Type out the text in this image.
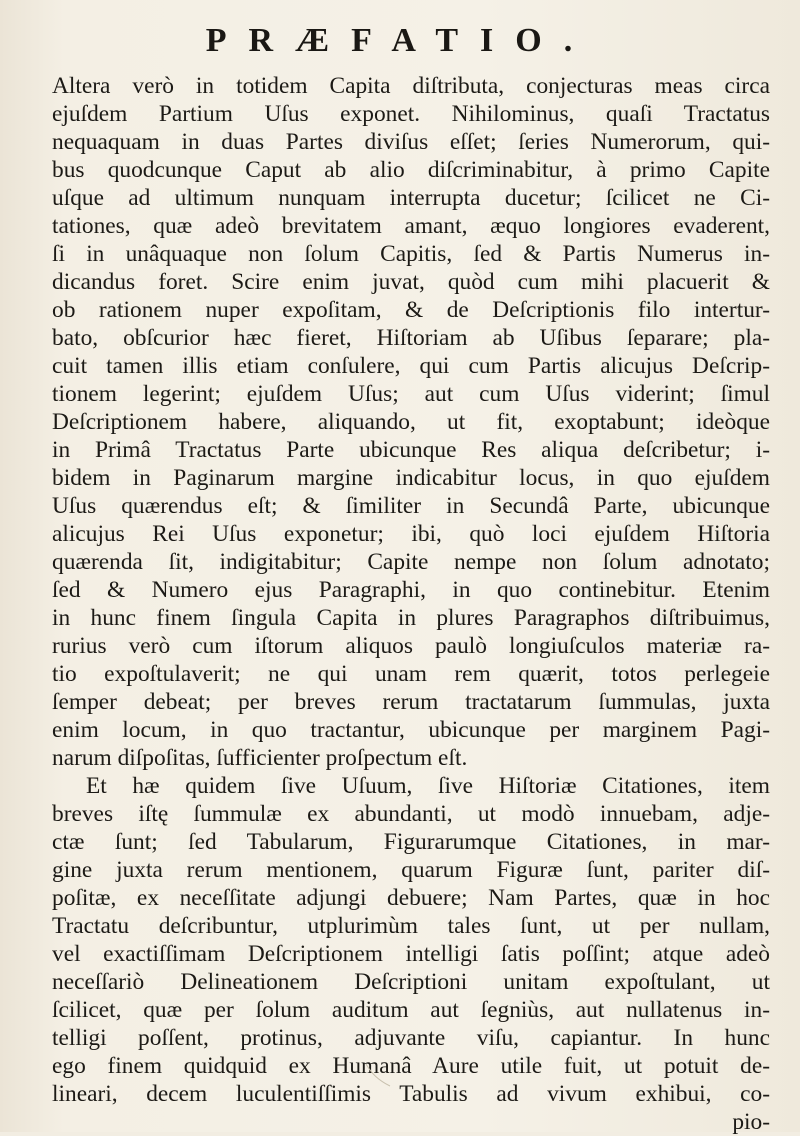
PRÆFATIO.
Altera verò in totidem Capita diſtributa, conjecturas meas circa
ejuſdem Partium Uſus exponet. Nihilominus, quaſi Tractatus
nequaquam in duas Partes diviſus eſſet; ſeries Numerorum, qui-
bus quodcunque Caput ab alio diſcriminabitur, à primo Capite
uſque ad ultimum nunquam interrupta ducetur; ſcilicet ne Ci-
tationes, quæ adeò brevitatem amant, æquo longiores evaderent,
ſi in unâquaque non ſolum Capitis, ſed & Partis Numerus in-
dicandus foret. Scire enim juvat, quòd cum mihi placuerit &
ob rationem nuper expoſitam, & de Deſcriptionis filo intertur-
bato, obſcurior hæc fieret, Hiſtoriam ab Uſibus ſeparare; pla-
cuit tamen illis etiam conſulere, qui cum Partis alicujus Deſcrip-
tionem legerint; ejuſdem Uſus; aut cum Uſus viderint; ſimul
Deſcriptionem habere, aliquando, ut fit, exoptabunt; ideòque
in Primâ Tractatus Parte ubicunque Res aliqua deſcribetur; i-
bidem in Paginarum margine indicabitur locus, in quo ejuſdem
Uſus quærendus eſt; & ſimiliter in Secundâ Parte, ubicunque
alicujus Rei Uſus exponetur; ibi, quò loci ejuſdem Hiſtoria
quærenda ſit, indigitabitur; Capite nempe non ſolum adnotato;
ſed & Numero ejus Paragraphi, in quo continebitur. Etenim
in hunc finem ſingula Capita in plures Paragraphos diſtribuimus,
rurius verò cum iſtorum aliquos paulò longiuſculos materiæ ra-
tio expoſtulaverit; ne qui unam rem quærit, totos perlegeie
ſemper debeat; per breves rerum tractatarum ſummulas, juxta
enim locum, in quo tractantur, ubicunque per marginem Pagi-
narum diſpoſitas, ſufficienter proſpectum eſt.
Et hæ quidem ſive Uſuum, ſive Hiſtoriæ Citationes, item
breves iſtę ſummulæ ex abundanti, ut modò innuebam, adje-
ctæ ſunt; ſed Tabularum, Figurarumque Citationes, in mar-
gine juxta rerum mentionem, quarum Figuræ ſunt, pariter diſ-
poſitæ, ex neceſſitate adjungi debuere; Nam Partes, quæ in hoc
Tractatu deſcribuntur, utplurimùm tales ſunt, ut per nullam,
vel exactiſſimam Deſcriptionem intelligi ſatis poſſint; atque adeò
neceſſariò Delineationem Deſcriptioni unitam expoſtulant, ut
ſcilicet, quæ per ſolum auditum aut ſegniùs, aut nullatenus in-
telligi poſſent, protinus, adjuvante viſu, capiantur. In hunc
ego finem quidquid ex Humanâ Aure utile fuit, ut potuit de-
lineari, decem luculentiſſimis Tabulis ad vivum exhibui, co-
pio-
